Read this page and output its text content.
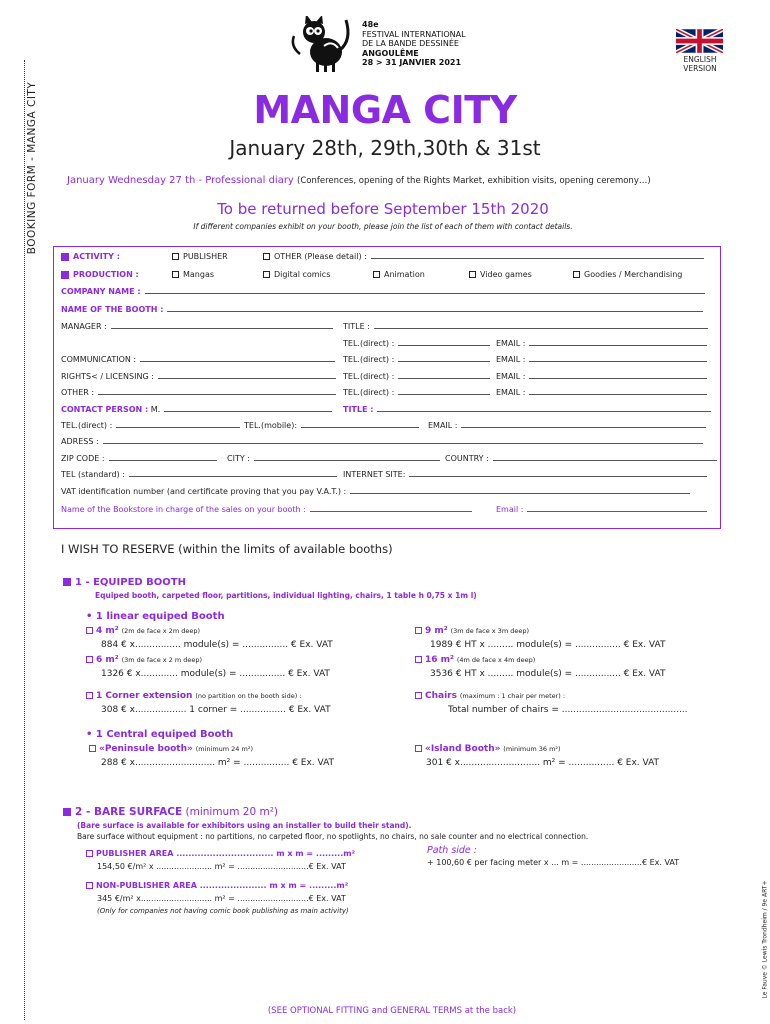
BOOKING FORM - MANGA CITY
Le Fauve © Lewis Trondheim / 9e ART+
48e
FESTIVAL INTERNATIONAL
DE LA BANDE DESSINÉE
ANGOULÊME
28 > 31 JANVIER 2021	ENGLISH
VERSION
MANGA CITY
January 28th, 29th,30th & 31st
January Wednesday 27 th - Professional diary (Conferences, opening of the Rights Market, exhibition visits, opening ceremony…)
To be returned before September 15th 2020
If different companies exhibit on your booth, please join the list of each of them with contact details.
ACTIVITY :	PUBLISHER	OTHER (Please detail) :
PRODUCTION :	Mangas	Digital comics	Animation	Video games	Goodies / Merchandising
COMPANY NAME :
NAME OF THE BOOTH :
MANAGER :	TITLE :
TEL.(direct) :	EMAIL :
COMMUNICATION :	TEL.(direct) :	EMAIL :
RIGHTS< / LICENSING :	TEL.(direct) :	EMAIL :
OTHER :	TEL.(direct) :	EMAIL :
CONTACT PERSON : M.	TITLE :
TEL.(direct) :	TEL.(mobile):	EMAIL :
ADRESS :
ZIP CODE :	CITY :	COUNTRY :
TEL (standard) :	INTERNET SITE:
VAT identification number (and certificate proving that you pay V.A.T.) :
Name of the Bookstore in charge of the sales on your booth :	Email :
I WISH TO RESERVE (within the limits of available booths)
1 - EQUIPED BOOTH
Equiped booth, carpeted floor, partitions, individual lighting, chairs, 1 table h 0,75 x 1m l)
• 1 linear equiped Booth
4 m² (2m de face x 2m deep)
884 € x................ module(s) = ................ € Ex. VAT
6 m² (3m de face x 2 m deep)
1326 € x............. module(s) = ................ € Ex. VAT
9 m² (3m de face x 3m deep)
1989 € HT x ......... module(s) = ................ € Ex. VAT
16 m² (4m de face x 4m deep)
3536 € HT x ......... module(s) = ................ € Ex. VAT
1 Corner extension (no partition on the booth side) :
308 € x.................. 1 corner = ................ € Ex. VAT
Chairs (maximum : 1 chair per meter) :
Total number of chairs = ............................................
• 1 Central equiped Booth
«Peninsule booth» (minimum 24 m²)
288 € x............................ m² = ................ € Ex. VAT
«Island Booth» (minimum 36 m²)
301 € x............................ m² = ................ € Ex. VAT
2 - BARE SURFACE (minimum 20 m²)
(Bare surface is available for exhibitors using an installer to build their stand).
Bare surface without equipment : no partitions, no carpeted floor, no spotlights, no chairs, no sale counter and no electrical connection.
PUBLISHER AREA ................................ m x m = .........m²
154,50 €/m² x ...................... m² = ............................€ Ex. VAT
NON-PUBLISHER AREA ...................... m x m = .........m²
345 €/m² x............................ m² = ............................€ Ex. VAT
(Only for companies not having comic book publishing as main activity)
Path side :
+ 100,60 € per facing meter x ... m = ........................€ Ex. VAT
(SEE OPTIONAL FITTING and GENERAL TERMS at the back)
